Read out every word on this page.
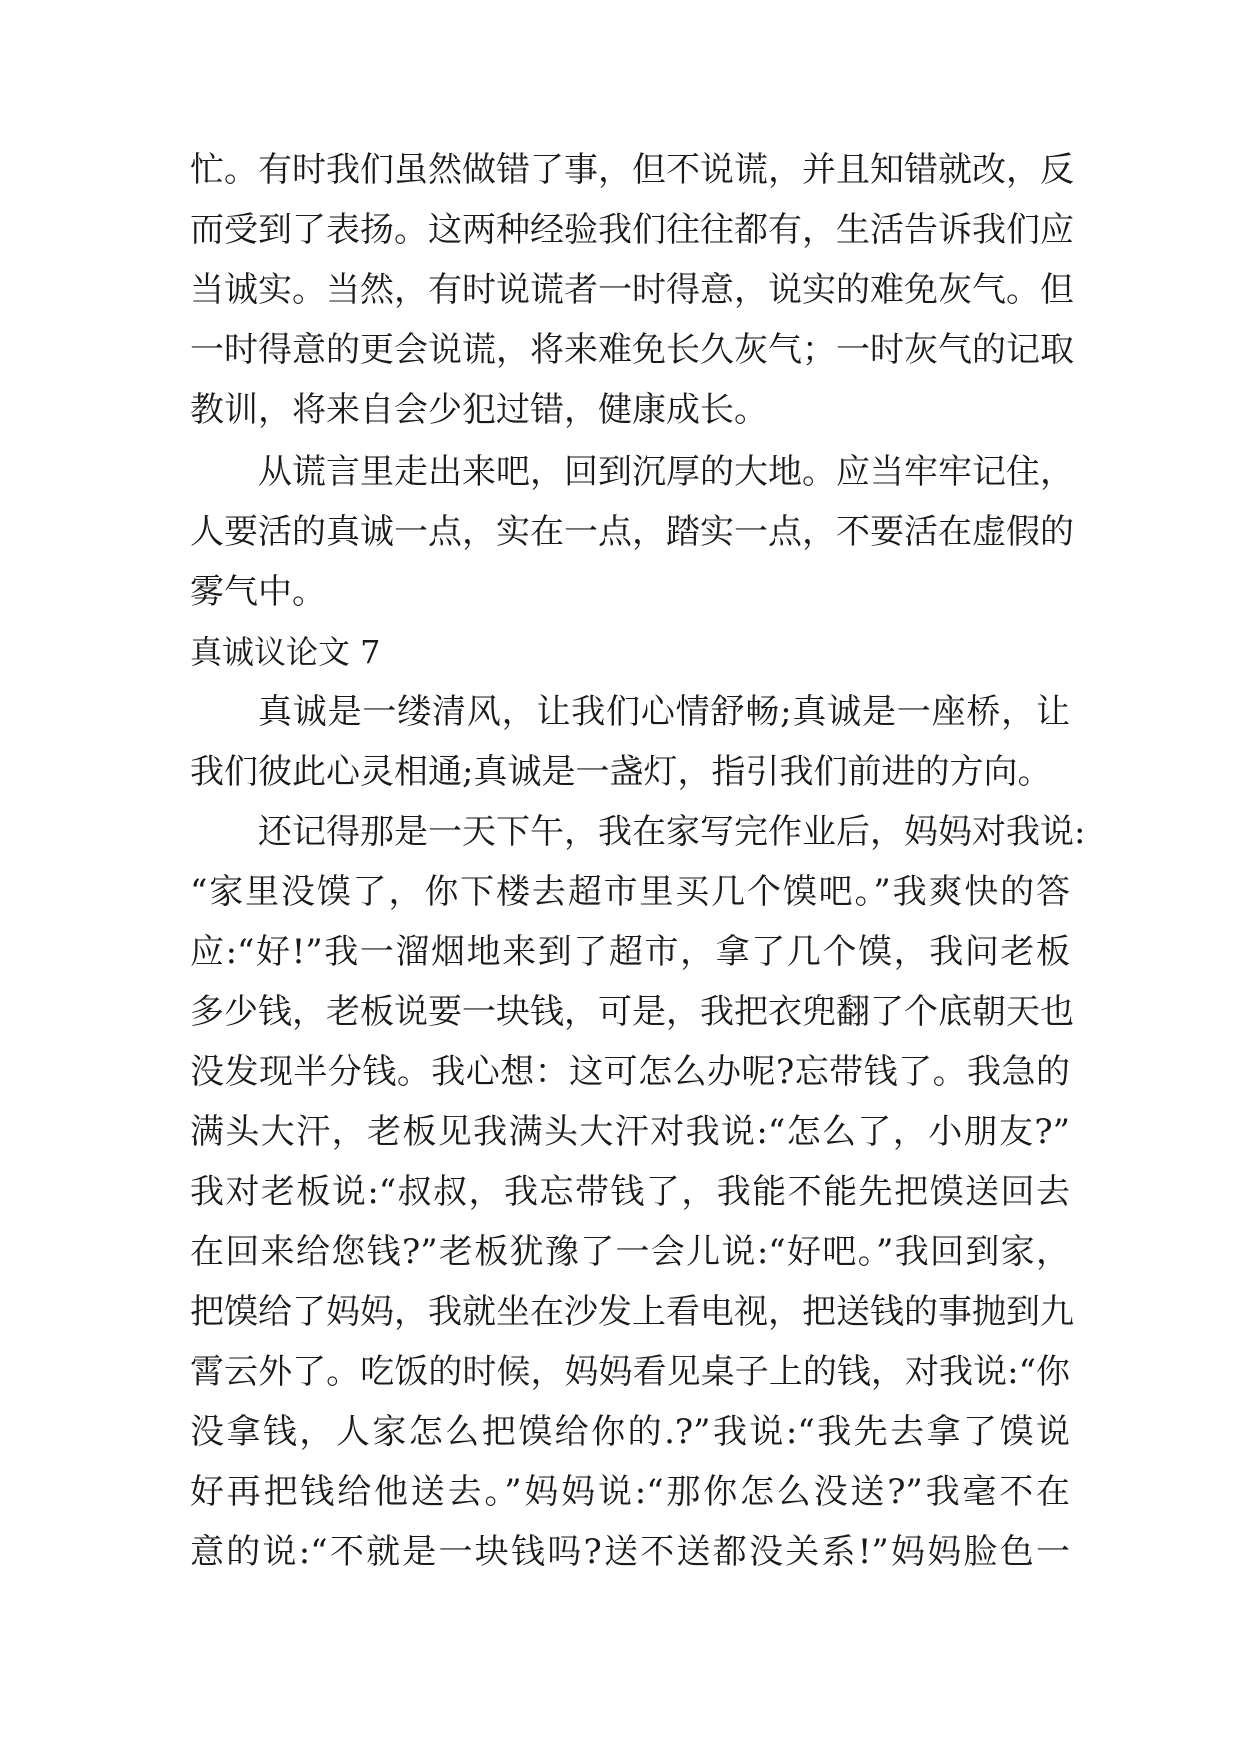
忙。有时我们虽然做错了事，但不说谎，并且知错就改，反
而受到了表扬。这两种经验我们往往都有，生活告诉我们应
当诚实。当然，有时说谎者一时得意，说实的难免灰气。但
一时得意的更会说谎，将来难免长久灰气；一时灰气的记取
教训，将来自会少犯过错，健康成长。
从谎言里走出来吧，回到沉厚的大地。应当牢牢记住，
人要活的真诚一点，实在一点，踏实一点，不要活在虚假的
雾气中。
真诚议论文 7
真诚是一缕清风，让我们心情舒畅;真诚是一座桥，让
我们彼此心灵相通;真诚是一盏灯，指引我们前进的方向。
还记得那是一天下午，我在家写完作业后，妈妈对我说:
“家里没馍了，你下楼去超市里买几个馍吧。”我爽快的答
应:“好!”我一溜烟地来到了超市，拿了几个馍，我问老板
多少钱，老板说要一块钱，可是，我把衣兜翻了个底朝天也
没发现半分钱。我心想：这可怎么办呢?忘带钱了。我急的
满头大汗，老板见我满头大汗对我说:“怎么了，小朋友?”
我对老板说:“叔叔，我忘带钱了，我能不能先把馍送回去
在回来给您钱?”老板犹豫了一会儿说:“好吧。”我回到家，
把馍给了妈妈，我就坐在沙发上看电视，把送钱的事抛到九
霄云外了。吃饭的时候，妈妈看见桌子上的钱，对我说:“你
没拿钱，人家怎么把馍给你的.?”我说:“我先去拿了馍说
好再把钱给他送去。”妈妈说:“那你怎么没送?”我毫不在
意的说:“不就是一块钱吗?送不送都没关系!”妈妈脸色一
